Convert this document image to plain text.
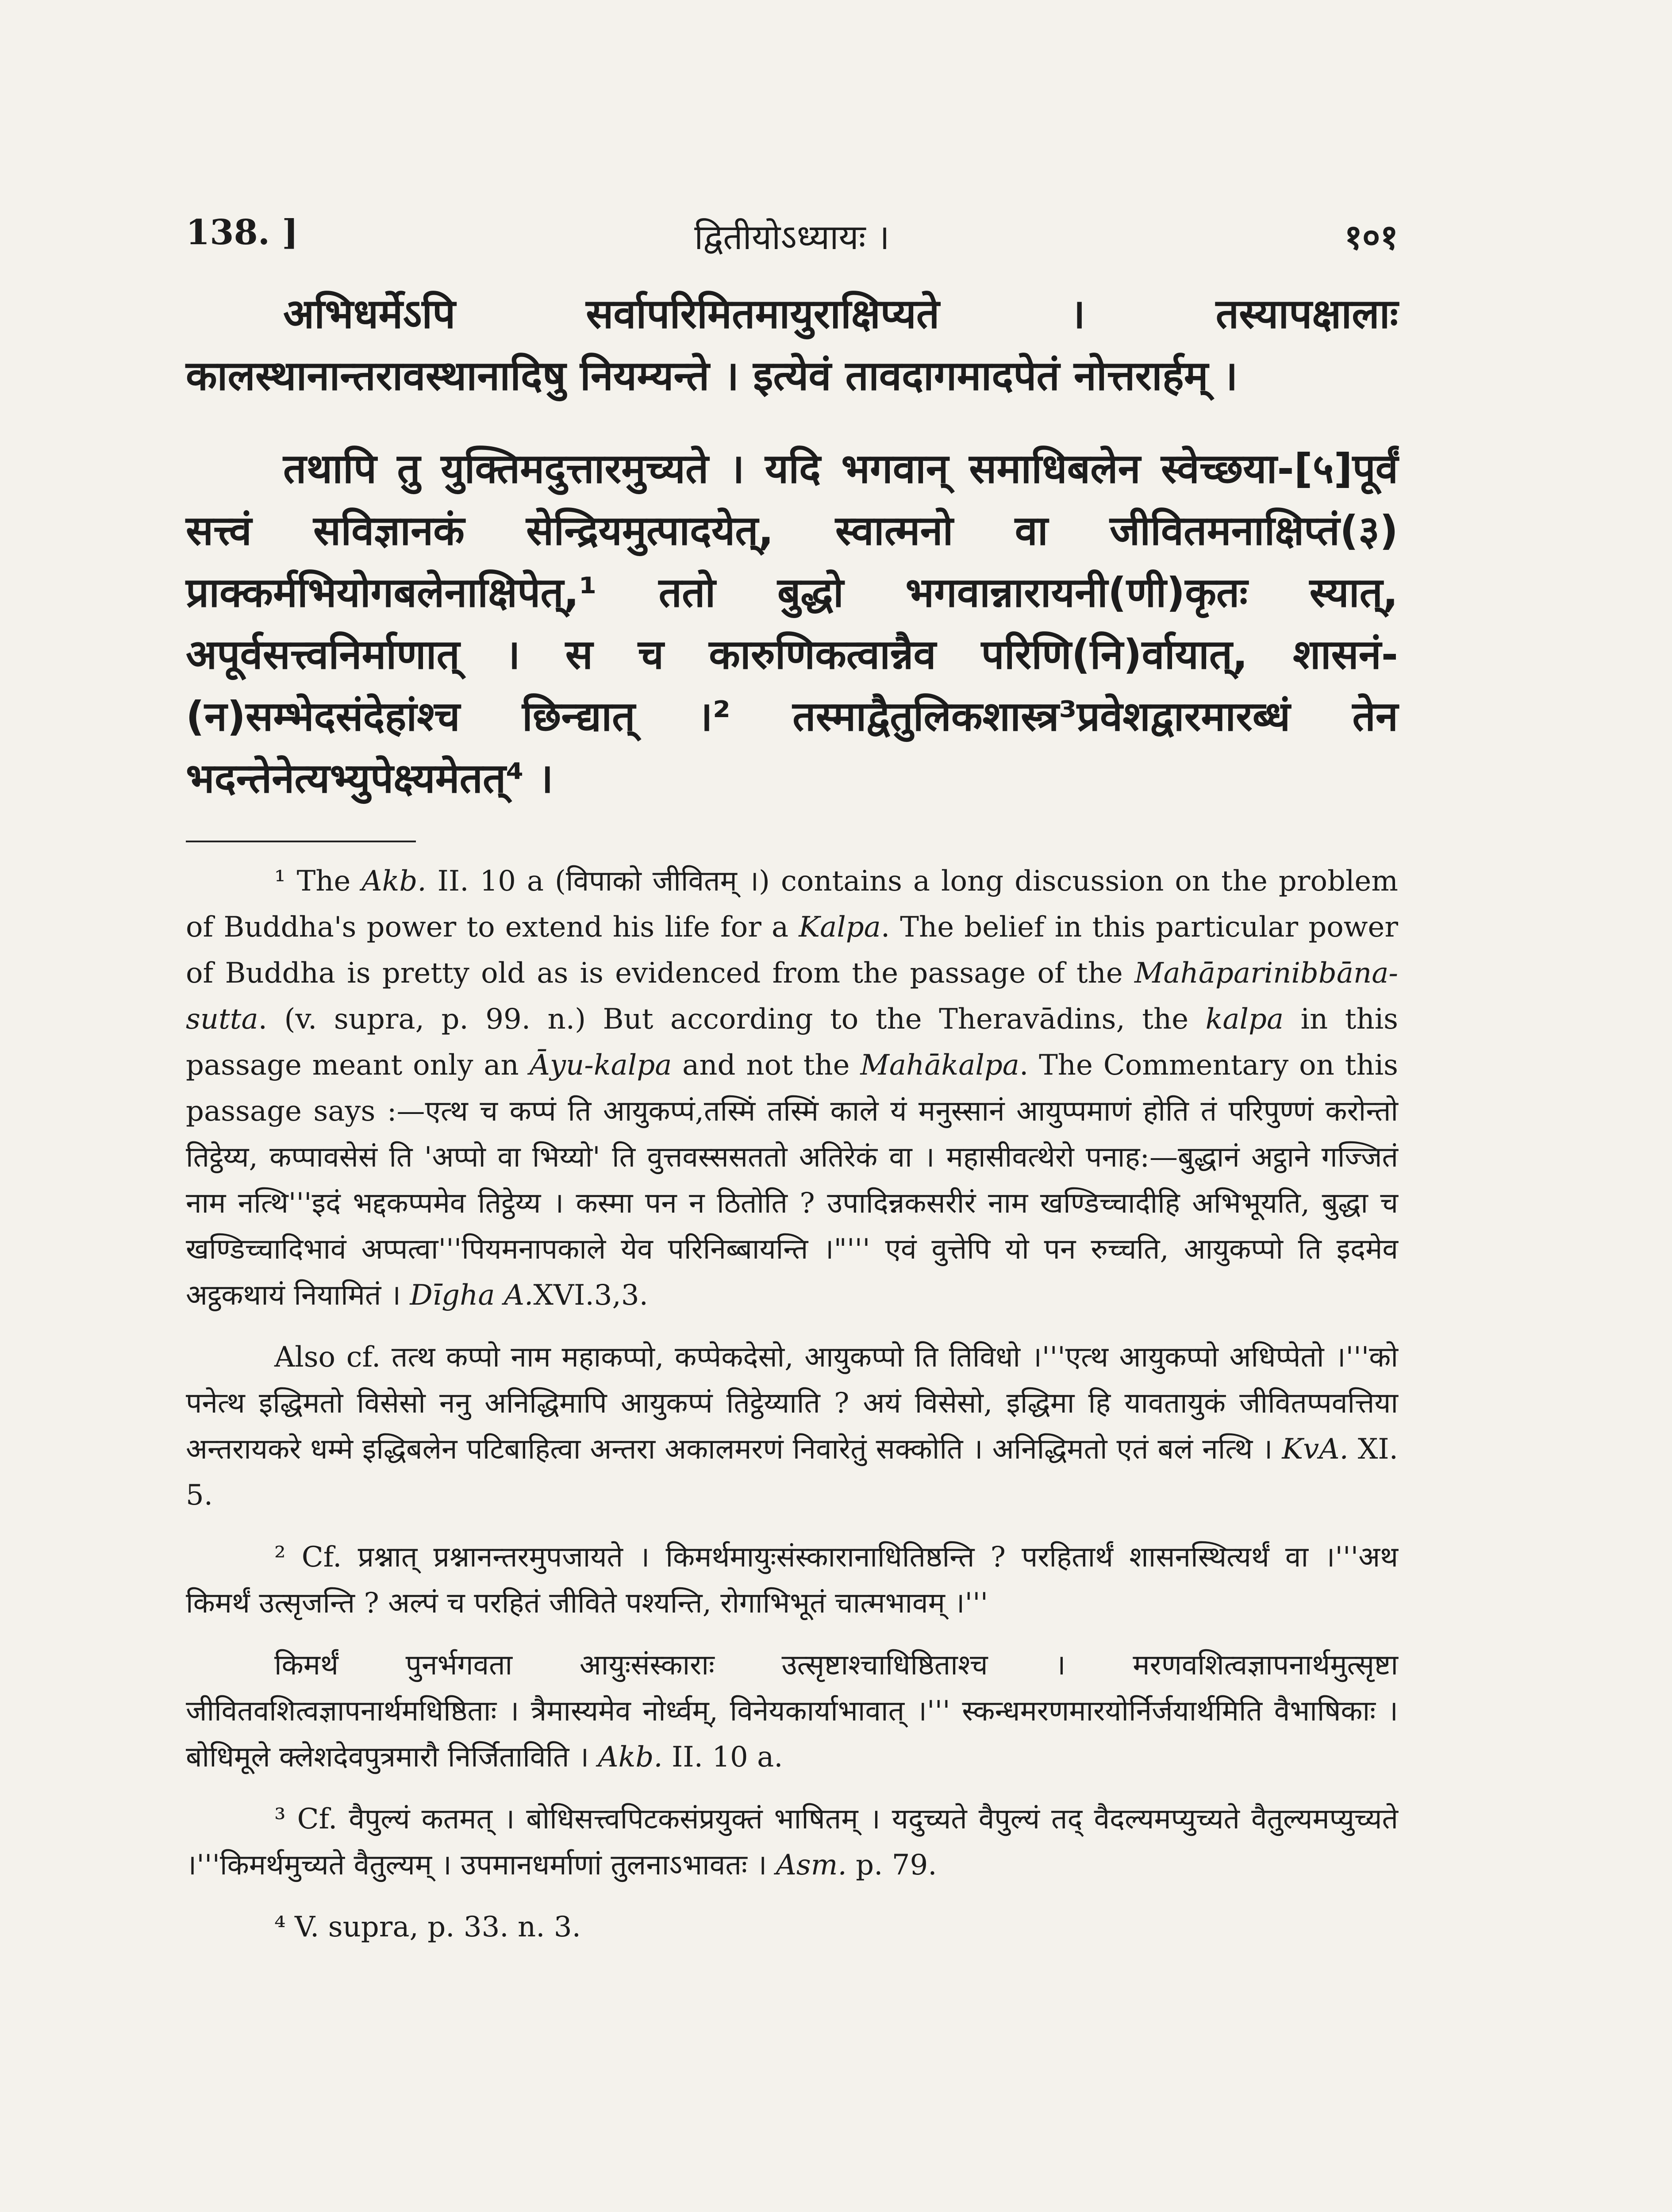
138. ]	द्वितीयोऽध्यायः ।	१०१

अभिधर्मेऽपि सर्वापरिमितमायुराक्षिप्यते । तस्यापक्षालाः कालस्थानान्तरावस्थानादिषु नियम्यन्ते । इत्येवं तावदागमादपेतं नोत्तरार्हम् ।

तथापि तु युक्तिमदुत्तारमुच्यते । यदि भगवान् समाधिबलेन स्वेच्छया-[५]पूर्वं सत्त्वं सविज्ञानकं सेन्द्रियमुत्पादयेत्, स्वात्मनो वा जीवितमनाक्षिप्तं(३) प्राक्कर्मभियोगबलेनाक्षिपेत्,¹ ततो बुद्धो भगवान्नारायनी(णी)कृतः स्यात्, अपूर्वसत्त्वनिर्माणात् । स च कारुणिकत्वान्नैव परिणि(नि)र्वायात्, शासनं-(न)सम्भेदसंदेहांश्च छिन्द्यात् ।² तस्माद्वैतुलिकशास्त्र³प्रवेशद्वारमारब्धं तेन भदन्तेनेत्यभ्युपेक्ष्यमेतत्⁴ ।

¹ The Akb. II. 10 a (विपाको जीवितम् ।) contains a long discussion on the problem of Buddha's power to extend his life for a Kalpa. The belief in this particular power of Buddha is pretty old as is evidenced from the passage of the Mahāparinibbāna-sutta. (v. supra, p. 99. n.) But according to the Theravādins, the kalpa in this passage meant only an Āyu-kalpa and not the Mahākalpa. The Commentary on this passage says :—एत्थ च कप्पं ति आयुकप्पं,तस्मिं तस्मिं काले यं मनुस्सानं आयुप्पमाणं होति तं परिपुण्णं करोन्तो तिट्ठेय्य, कप्पावसेसं ति 'अप्पो वा भिय्यो' ति वुत्तवस्ससततो अतिरेकं वा । महासीवत्थेरो पनाह:—बुद्धानं अट्ठाने गज्जितं नाम नत्थि'''इदं भद्दकप्पमेव तिट्ठेय्य । कस्मा पन न ठितोति ? उपादिन्नकसरीरं नाम खण्डिच्चादीहि अभिभूयति, बुद्धा च खण्डिच्चादिभावं अप्पत्वा'''पियमनापकाले येव परिनिब्बायन्ति ।"''' एवं वुत्तेपि यो पन रुच्चति, आयुकप्पो ति इदमेव अट्ठकथायं नियामितं । Dīgha A.XVI.3,3.

Also cf. तत्थ कप्पो नाम महाकप्पो, कप्पेकदेसो, आयुकप्पो ति तिविधो ।'''एत्थ आयुकप्पो अधिप्पेतो ।'''को पनेत्थ इद्धिमतो विसेसो ननु अनिद्धिमापि आयुकप्पं तिट्ठेय्याति ? अयं विसेसो, इद्धिमा हि यावतायुकं जीवितप्पवत्तिया अन्तरायकरे धम्मे इद्धिबलेन पटिबाहित्वा अन्तरा अकालमरणं निवारेतुं सक्कोति । अनिद्धिमतो एतं बलं नत्थि । KvA. XI. 5.

² Cf. प्रश्नात् प्रश्नानन्तरमुपजायते । किमर्थमायुःसंस्कारानाधितिष्ठन्ति ? परहितार्थं शासनस्थित्यर्थं वा ।'''अथ किमर्थं उत्सृजन्ति ? अल्पं च परहितं जीविते पश्यन्ति, रोगाभिभूतं चात्मभावम् ।'''

किमर्थं पुनर्भगवता आयुःसंस्काराः उत्सृष्टाश्चाधिष्ठिताश्च । मरणवशित्वज्ञापनार्थमुत्सृष्टा जीवितवशित्वज्ञापनार्थमधिष्ठिताः । त्रैमास्यमेव नोर्ध्वम्, विनेयकार्याभावात् ।''' स्कन्धमरणमारयोर्निर्जयार्थमिति वैभाषिकाः । बोधिमूले क्लेशदेवपुत्रमारौ निर्जिताविति । Akb. II. 10 a.

³ Cf. वैपुल्यं कतमत् । बोधिसत्त्वपिटकसंप्रयुक्तं भाषितम् । यदुच्यते वैपुल्यं तद् वैदल्यमप्युच्यते वैतुल्यमप्युच्यते ।'''किमर्थमुच्यते वैतुल्यम् । उपमानधर्माणां तुलनाऽभावतः । Asm. p. 79.

⁴ V. supra, p. 33. n. 3.
